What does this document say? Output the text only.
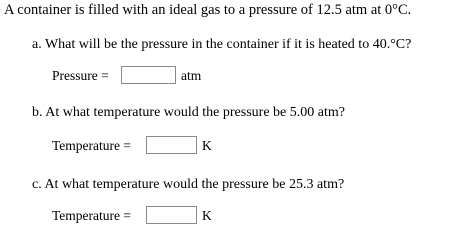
A container is filled with an ideal gas to a pressure of 12.5 atm at 0°C.
a. What will be the pressure in the container if it is heated to 40.°C?
Pressure =	atm
b. At what temperature would the pressure be 5.00 atm?
Temperature =	K
c. At what temperature would the pressure be 25.3 atm?
Temperature =	K
